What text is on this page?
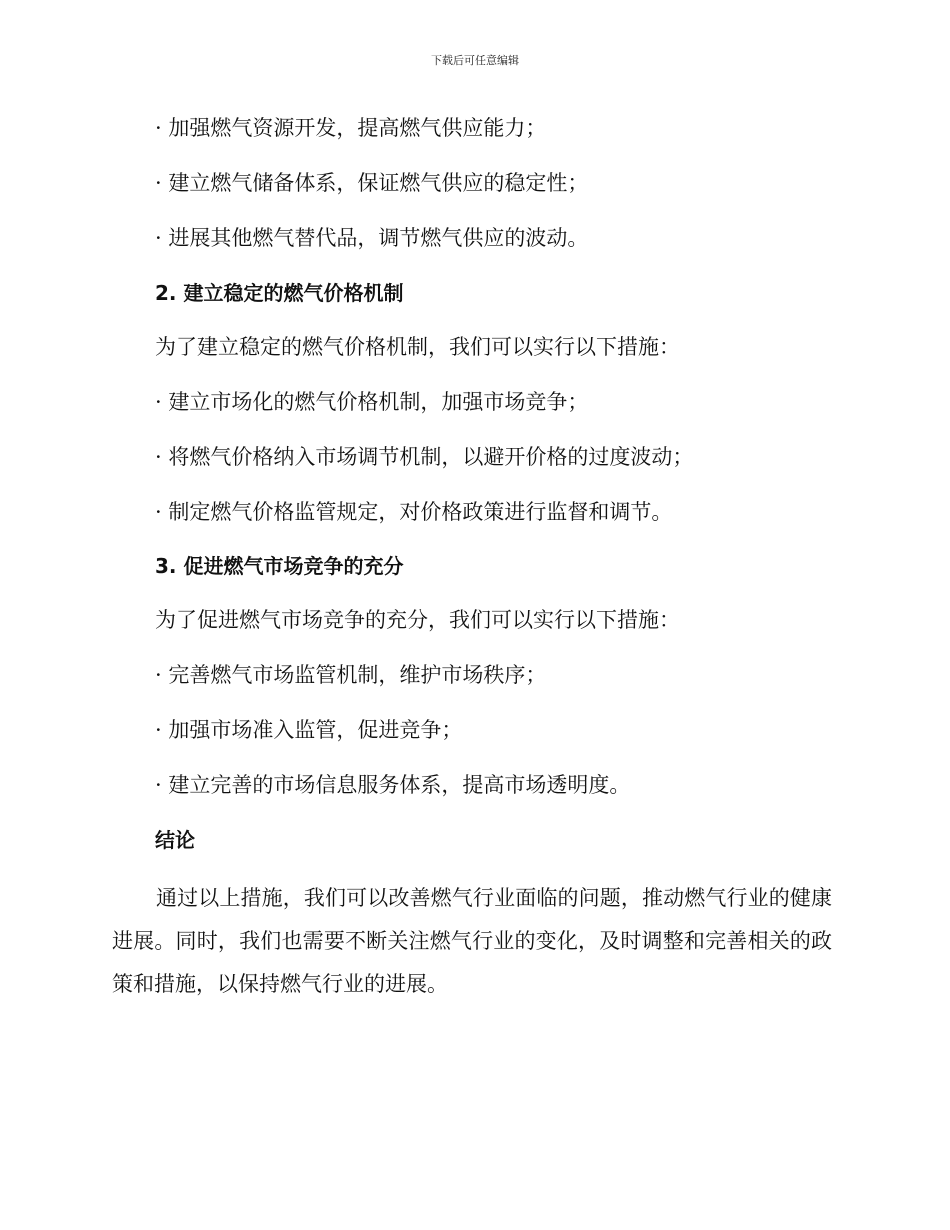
下载后可任意编辑
· 加强燃气资源开发，提高燃气供应能力；
· 建立燃气储备体系，保证燃气供应的稳定性；
· 进展其他燃气替代品，调节燃气供应的波动。
2. 建立稳定的燃气价格机制
为了建立稳定的燃气价格机制，我们可以实行以下措施：
· 建立市场化的燃气价格机制，加强市场竞争；
· 将燃气价格纳入市场调节机制，以避开价格的过度波动；
· 制定燃气价格监管规定，对价格政策进行监督和调节。
3. 促进燃气市场竞争的充分
为了促进燃气市场竞争的充分，我们可以实行以下措施：
· 完善燃气市场监管机制，维护市场秩序；
· 加强市场准入监管，促进竞争；
· 建立完善的市场信息服务体系，提高市场透明度。
结论
通过以上措施，我们可以改善燃气行业面临的问题，推动燃气行业的健康进展。同时，我们也需要不断关注燃气行业的变化，及时调整和完善相关的政策和措施，以保持燃气行业的进展。
